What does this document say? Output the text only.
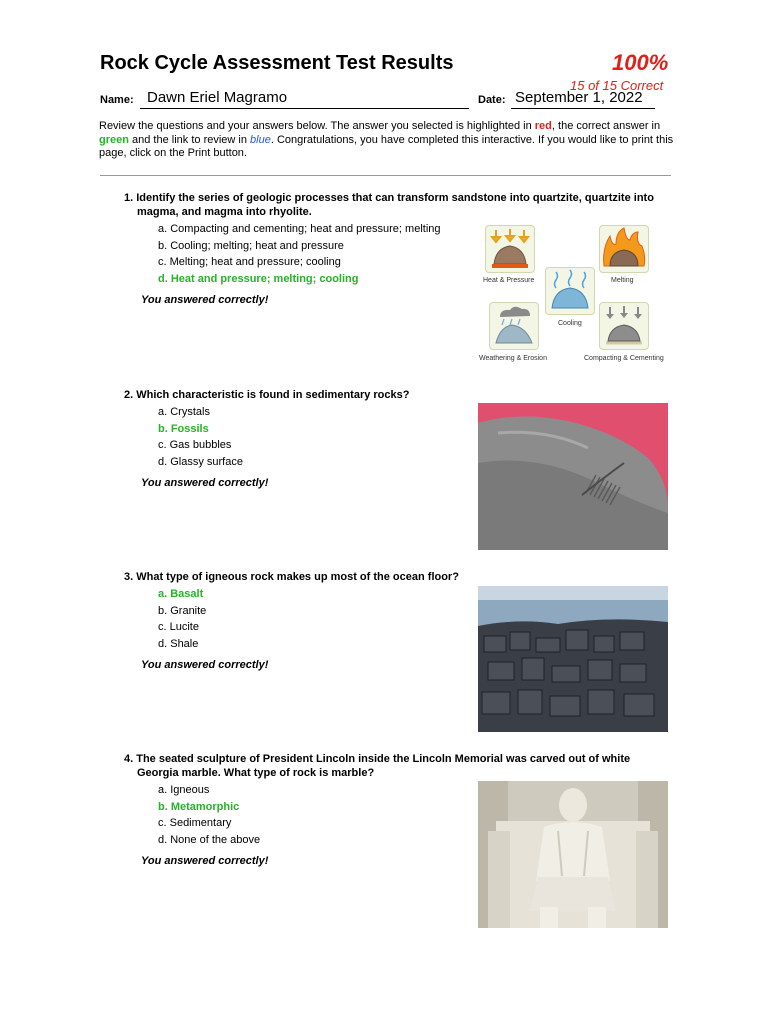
Rock Cycle Assessment Test Results	100%
15 of 15 Correct
Name: Dawn Eriel Magramo	Date: September 1, 2022
Review the questions and your answers below. The answer you selected is highlighted in red, the correct answer in green and the link to review in blue. Congratulations, you have completed this interactive. If you would like to print this page, click on the Print button.

1. Identify the series of geologic processes that can transform sandstone into quartzite, quartzite into magma, and magma into rhyolite.

a. Compacting and cementing; heat and pressure; melting
b. Cooling; melting; heat and pressure
c. Melting; heat and pressure; cooling
d. Heat and pressure; melting; cooling
You answered correctly!
Heat & Pressure	Melting
Cooling
Weathering & Erosion	Compacting & Cementing

2. Which characteristic is found in sedimentary rocks?

a. Crystals
b. Fossils
c. Gas bubbles
d. Glassy surface
You answered correctly!

3. What type of igneous rock makes up most of the ocean floor?

a. Basalt
b. Granite
c. Lucite
d. Shale
You answered correctly!

4. The seated sculpture of President Lincoln inside the Lincoln Memorial was carved out of white Georgia marble. What type of rock is marble?

a. Igneous
b. Metamorphic
c. Sedimentary
d. None of the above
You answered correctly!
